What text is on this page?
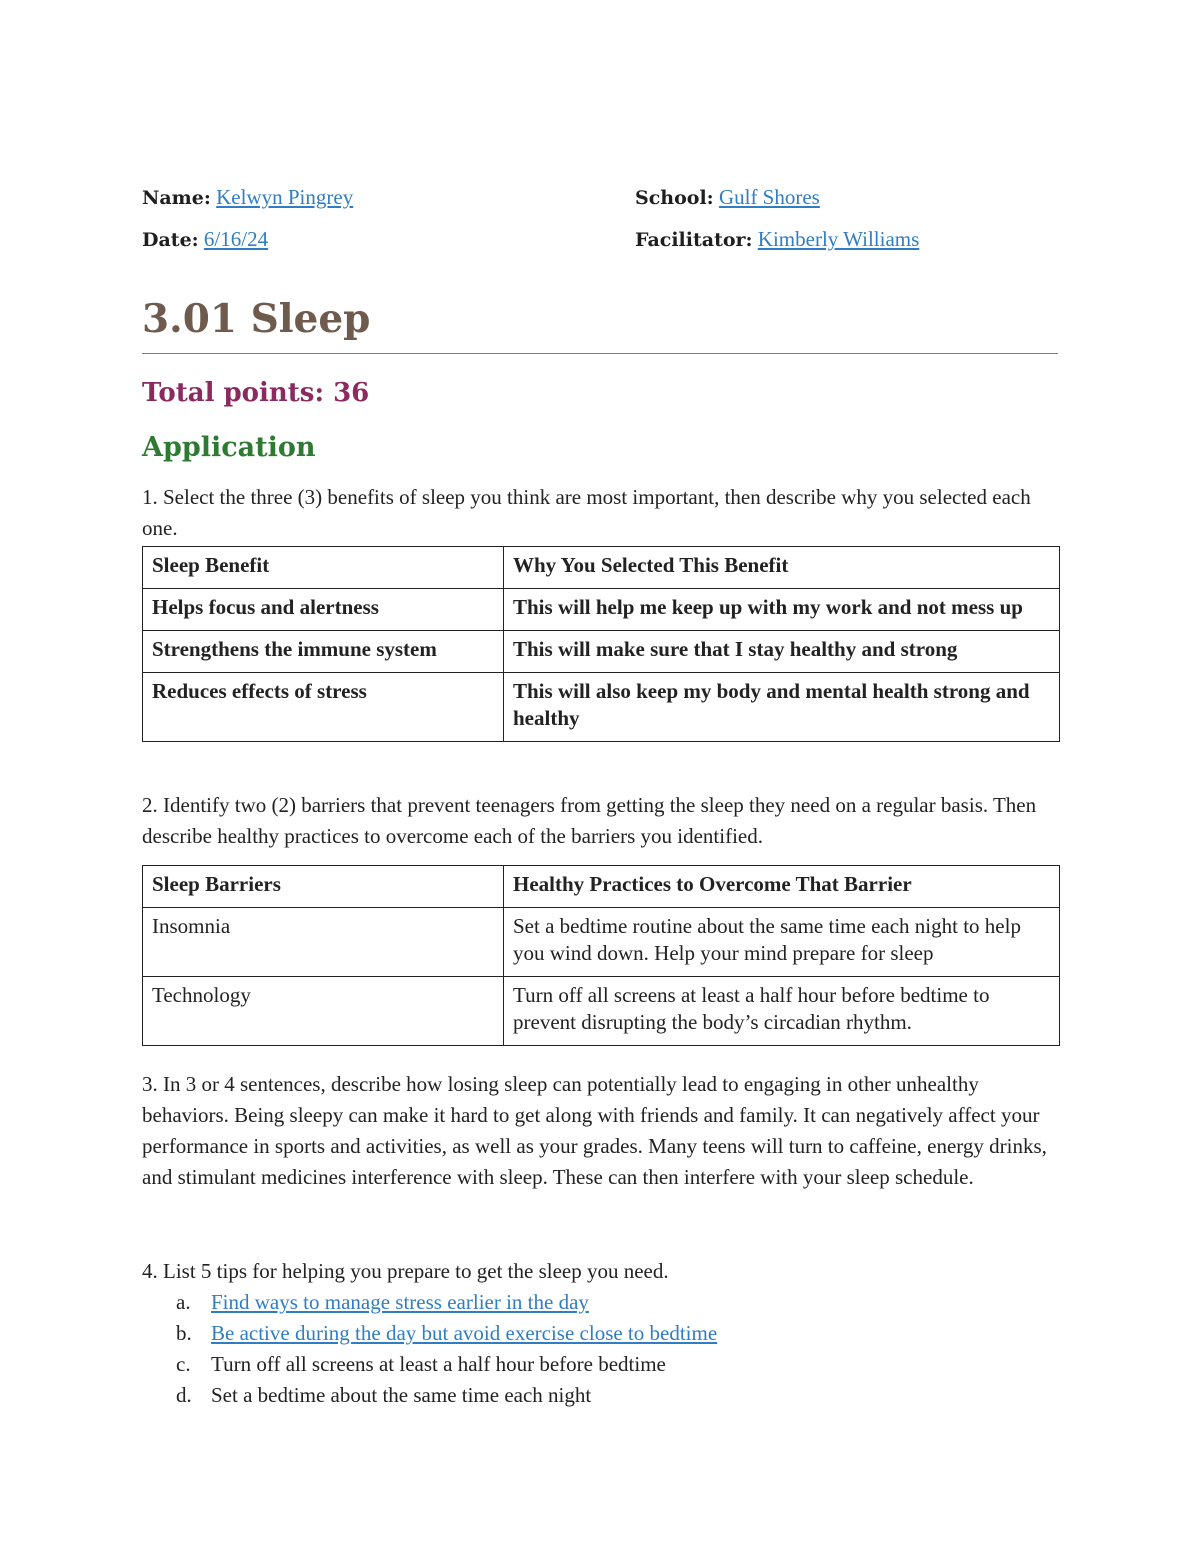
Name: Kelwyn Pingrey	School: Gulf Shores
Date: 6/16/24	Facilitator: Kimberly Williams
3.01 Sleep
Total points: 36
Application

1. Select the three (3) benefits of sleep you think are most important, then describe why you selected each one.

Sleep Benefit	Why You Selected This Benefit
Helps focus and alertness	This will help me keep up with my work and not mess up
Strengthens the immune system	This will make sure that I stay healthy and strong
Reduces effects of stress	This will also keep my body and mental health strong and healthy

2. Identify two (2) barriers that prevent teenagers from getting the sleep they need on a regular basis. Then describe healthy practices to overcome each of the barriers you identified.

Sleep Barriers	Healthy Practices to Overcome That Barrier
Insomnia	Set a bedtime routine about the same time each night to help you wind down. Help your mind prepare for sleep
Technology	Turn off all screens at least a half hour before bedtime to prevent disrupting the body’s circadian rhythm.

3. In 3 or 4 sentences, describe how losing sleep can potentially lead to engaging in other unhealthy behaviors. Being sleepy can make it hard to get along with friends and family. It can negatively affect your performance in sports and activities, as well as your grades. Many teens will turn to caffeine, energy drinks, and stimulant medicines interference with sleep. These can then interfere with your sleep schedule.

4. List 5 tips for helping you prepare to get the sleep you need.

a. Find ways to manage stress earlier in the day
b. Be active during the day but avoid exercise close to bedtime
c. Turn off all screens at least a half hour before bedtime
d. Set a bedtime about the same time each night
